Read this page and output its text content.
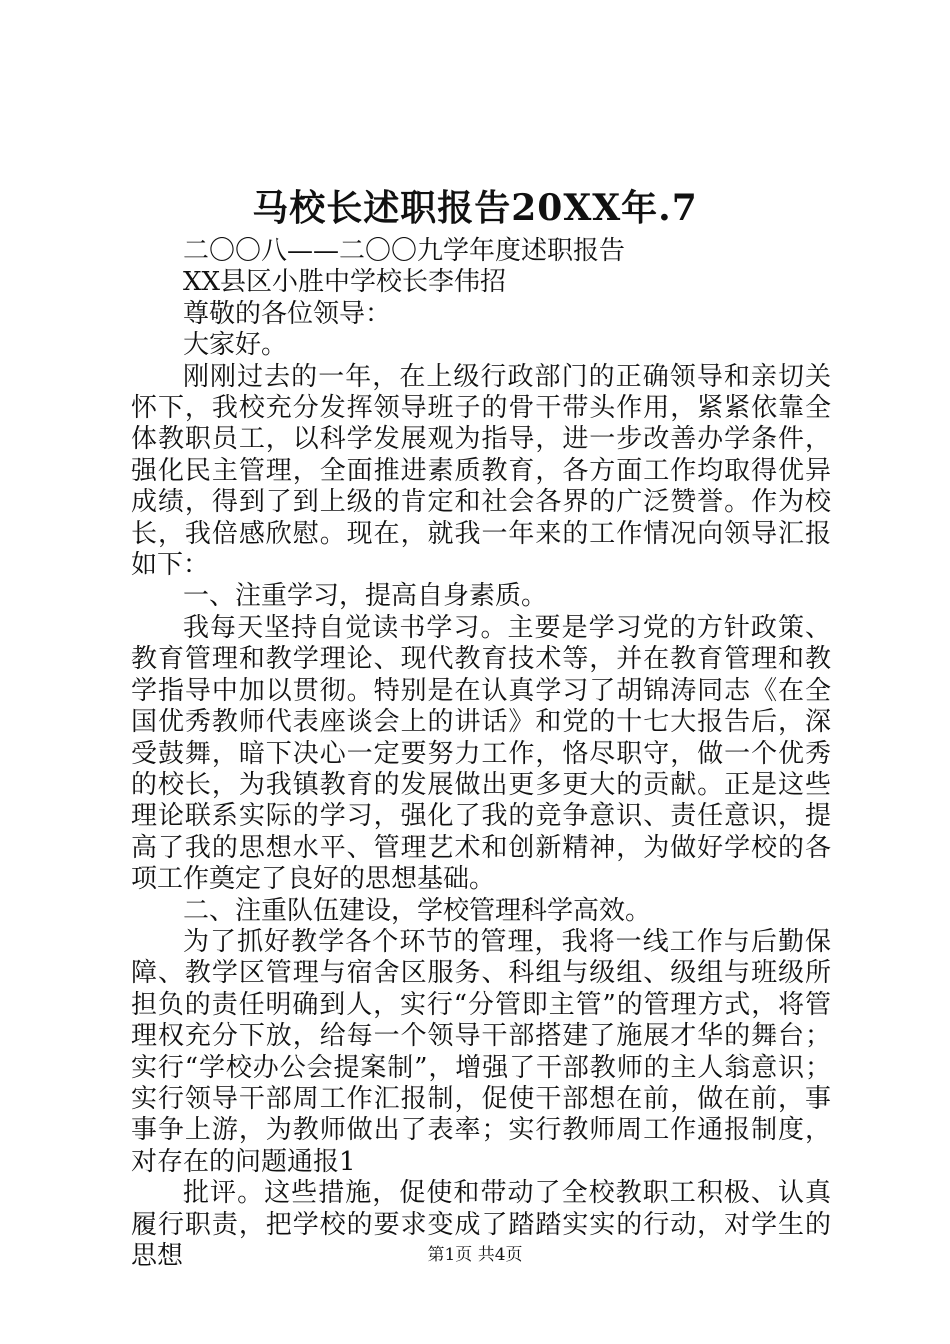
马校长述职报告20XX年.7

二〇〇八——二〇〇九学年度述职报告

XX县区小胜中学校长李伟招

尊敬的各位领导：

大家好。

刚刚过去的一年，在上级行政部门的正确领导和亲切关怀下，我校充分发挥领导班子的骨干带头作用，紧紧依靠全体教职员工，以科学发展观为指导，进一步改善办学条件，强化民主管理，全面推进素质教育，各方面工作均取得优异成绩，得到了到上级的肯定和社会各界的广泛赞誉。作为校长，我倍感欣慰。现在，就我一年来的工作情况向领导汇报如下：

一、注重学习，提高自身素质。

我每天坚持自觉读书学习。主要是学习党的方针政策、教育管理和教学理论、现代教育技术等，并在教育管理和教学指导中加以贯彻。特别是在认真学习了胡锦涛同志《在全国优秀教师代表座谈会上的讲话》和党的十七大报告后，深受鼓舞，暗下决心一定要努力工作，恪尽职守，做一个优秀的校长，为我镇教育的发展做出更多更大的贡献。正是这些理论联系实际的学习，强化了我的竞争意识、责任意识，提高了我的思想水平、管理艺术和创新精神，为做好学校的各项工作奠定了良好的思想基础。

二、注重队伍建设，学校管理科学高效。

为了抓好教学各个环节的管理，我将一线工作与后勤保障、教学区管理与宿舍区服务、科组与级组、级组与班级所担负的责任明确到人，实行“分管即主管”的管理方式，将管理权充分下放，给每一个领导干部搭建了施展才华的舞台；实行“学校办公会提案制”，增强了干部教师的主人翁意识；实行领导干部周工作汇报制，促使干部想在前，做在前，事事争上游，为教师做出了表率；实行教师周工作通报制度，对存在的问题通报1

批评。这些措施，促使和带动了全校教职工积极、认真履行职责，把学校的要求变成了踏踏实实的行动，对学生的思想	第1页 共4页
